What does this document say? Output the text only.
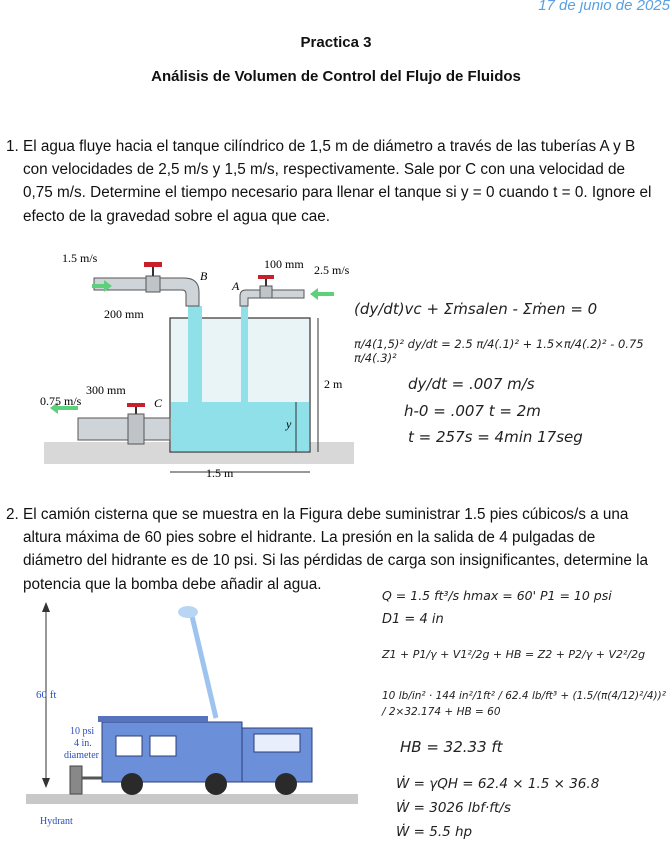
17 de junio de 2025
Practica 3
Análisis de Volumen de Control del Flujo de Fluidos
1. El agua fluye hacia el tanque cilíndrico de 1,5 m de diámetro a través de las tuberías A y B con velocidades de 2,5 m/s y 1,5 m/s, respectivamente. Sale por C con una velocidad de 0,75 m/s. Determine el tiempo necesario para llenar el tanque si y = 0 cuando t = 0. Ignore el efecto de la gravedad sobre el agua que cae.
1.5 m/s
B
200 mm
100 mm
A
2.5 m/s
300 mm
0.75 m/s	C
2 m
y
1.5 m
(dy/dt)vc + Σṁsalen - Σṁen = 0
π/4(1,5)² dy/dt = 2.5 π/4(.1)² + 1.5×π/4(.2)² - 0.75 π/4(.3)²
dy/dt = .007 m/s
h-0 = .007 t = 2m
t = 257s = 4min 17seg
2. El camión cisterna que se muestra en la Figura debe suministrar 1.5 pies cúbicos/s a una altura máxima de 60 pies sobre el hidrante. La presión en la salida de 4 pulgadas de diámetro del hidrante es de 10 psi. Si las pérdidas de carga son insignificantes, determine la potencia que la bomba debe añadir al agua.
60 ft
10 psi
4 in.
diameter
Hydrant
Q = 1.5 ft³/s hmax = 60' P1 = 10 psi
D1 = 4 in
Z1 + P1/γ + V1²/2g + HB = Z2 + P2/γ + V2²/2g
10 lb/in² · 144 in²/1ft² / 62.4 lb/ft³ + (1.5/(π(4/12)²/4))² / 2×32.174 + HB = 60
HB = 32.33 ft
Ẇ = γQH = 62.4 × 1.5 × 36.8
Ẇ = 3026 lbf·ft/s
Ẇ = 5.5 hp
